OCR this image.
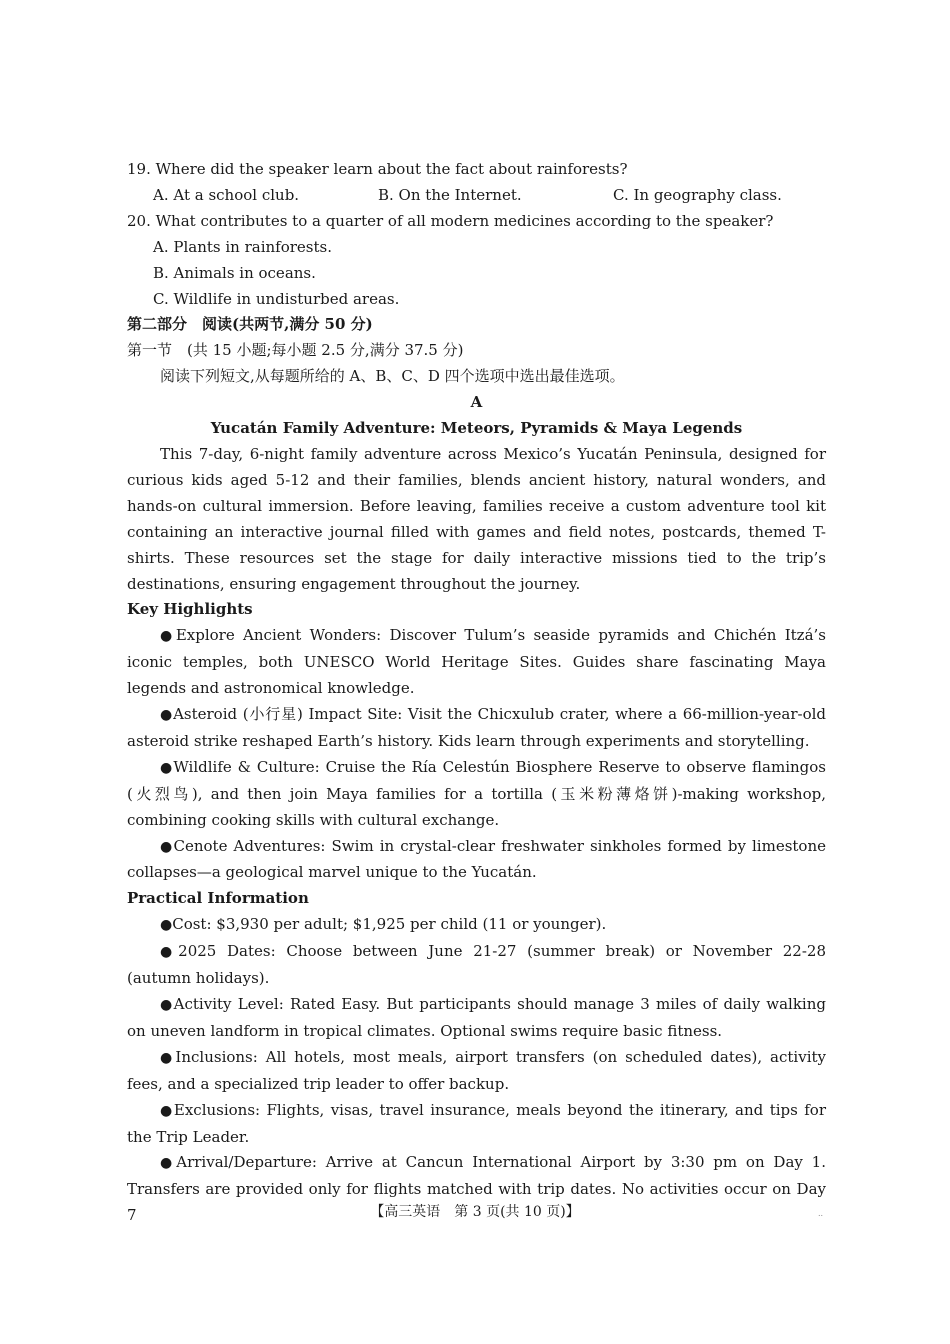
19. Where did the speaker learn about the fact about rainforests?
A. At a school club.	B. On the Internet.	C. In geography class.
20. What contributes to a quarter of all modern medicines according to the speaker?
A. Plants in rainforests.
B. Animals in oceans.
C. Wildlife in undisturbed areas.
第二部分　阅读(共两节,满分 50 分)
第一节　(共 15 小题;每小题 2.5 分,满分 37.5 分)
阅读下列短文,从每题所给的 A、B、C、D 四个选项中选出最佳选项。
A
Yucatán Family Adventure: Meteors, Pyramids & Maya Legends
This 7-day, 6-night family adventure across Mexico’s Yucatán Peninsula, designed for curious kids aged 5-12 and their families, blends ancient history, natural wonders, and hands-on cultural immersion. Before leaving, families receive a custom adventure tool kit containing an interactive journal filled with games and field notes, postcards, themed T-shirts. These resources set the stage for daily interactive missions tied to the trip’s destinations, ensuring engagement throughout the journey.
Key Highlights
●Explore Ancient Wonders: Discover Tulum’s seaside pyramids and Chichén Itzá’s iconic temples, both UNESCO World Heritage Sites. Guides share fascinating Maya legends and astronomical knowledge.
●Asteroid (小行星) Impact Site: Visit the Chicxulub crater, where a 66-million-year-old asteroid strike reshaped Earth’s history. Kids learn through experiments and storytelling.
●Wildlife & Culture: Cruise the Ría Celestún Biosphere Reserve to observe flamingos (火烈鸟), and then join Maya families for a tortilla (玉米粉薄烙饼)-making workshop, combining cooking skills with cultural exchange.
●Cenote Adventures: Swim in crystal-clear freshwater sinkholes formed by limestone collapses—a geological marvel unique to the Yucatán.
Practical Information
●Cost: $3,930 per adult; $1,925 per child (11 or younger).
●2025 Dates: Choose between June 21-27 (summer break) or November 22-28 (autumn holidays).
●Activity Level: Rated Easy. But participants should manage 3 miles of daily walking on uneven landform in tropical climates. Optional swims require basic fitness.
●Inclusions: All hotels, most meals, airport transfers (on scheduled dates), activity fees, and a specialized trip leader to offer backup.
●Exclusions: Flights, visas, travel insurance, meals beyond the itinerary, and tips for the Trip Leader.
●Arrival/Departure: Arrive at Cancun International Airport by 3:30 pm on Day 1. Transfers are provided only for flights matched with trip dates. No activities occur on Day 7	【高三英语　第 3 页(共 10 页)】	..
